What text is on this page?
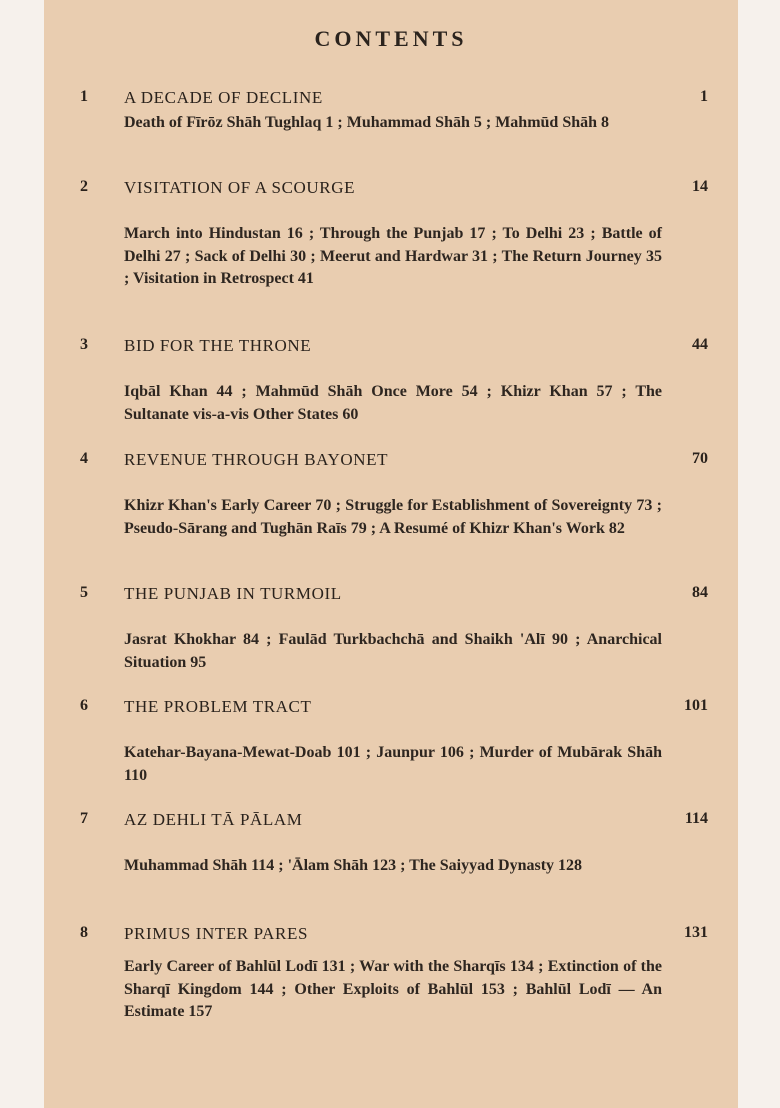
CONTENTS
1	A DECADE OF DECLINE	1
Death of Fīrōz Shāh Tughlaq 1 ; Muhammad Shāh 5 ; Mahmūd Shāh 8
2	VISITATION OF A SCOURGE	14
March into Hindustan 16 ; Through the Punjab 17 ; To Delhi 23 ; Battle of Delhi 27 ; Sack of Delhi 30 ; Meerut and Hardwar 31 ; The Return Journey 35 ; Visitation in Retrospect 41
3	BID FOR THE THRONE	44
Iqbāl Khan 44 ; Mahmūd Shāh Once More 54 ; Khizr Khan 57 ; The Sultanate vis-a-vis Other States 60
4	REVENUE THROUGH BAYONET	70
Khizr Khan's Early Career 70 ; Struggle for Establishment of Sovereignty 73 ; Pseudo-Sārang and Tughān Raīs 79 ; A Resumé of Khizr Khan's Work 82
5	THE PUNJAB IN TURMOIL	84
Jasrat Khokhar 84 ; Faulād Turkbachchā and Shaikh 'Alī 90 ; Anarchical Situation 95
6	THE PROBLEM TRACT	101
Katehar-Bayana-Mewat-Doab 101 ; Jaunpur 106 ; Murder of Mubārak Shāh 110
7	AZ DEHLI TĀ PĀLAM	114
Muhammad Shāh 114 ; 'Ālam Shāh 123 ; The Saiyyad Dynasty 128
8	PRIMUS INTER PARES	131
Early Career of Bahlūl Lodī 131 ; War with the Sharqīs 134 ; Extinction of the Sharqī Kingdom 144 ; Other Exploits of Bahlūl 153 ; Bahlūl Lodī — An Estimate 157
